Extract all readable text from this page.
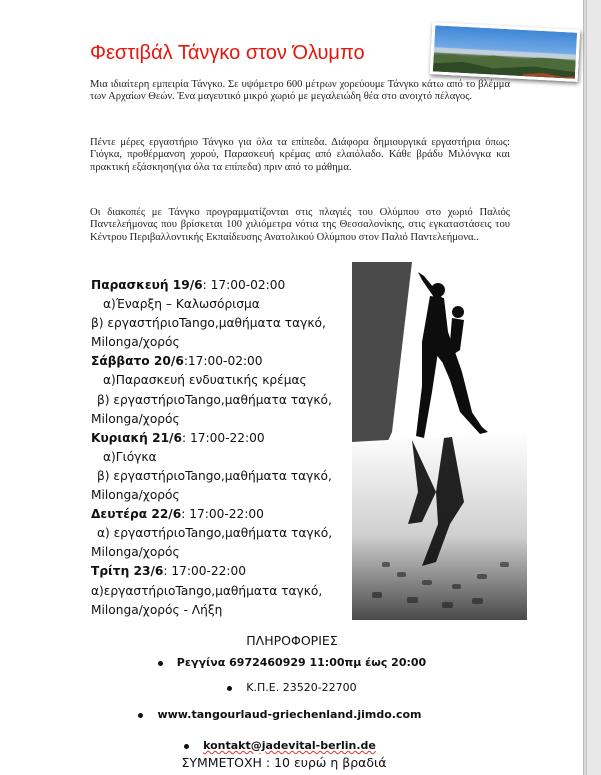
Φεστιβάλ Τάνγκο στον Όλυμπο
Μια ιδιαίτερη εμπειρία Τάνγκο. Σε υψόμετρο 600 μέτρων χορεύουμε Τάνγκο κάτω από το βλέμμα των Αρχαίων Θεών. Ένα μαγευτικό μικρό χωριό με μεγαλειώδη θέα στο ανοιχτό πέλαγος.
Πέντε μέρες εργαστήριο Τάνγκο για όλα τα επίπεδα. Διάφορα δημιουργικά εργαστήρια όπως: Γιόγκα, προθέρμανση χορού, Παρασκευή κρέμας από ελαιόλαδο. Κάθε βράδυ Μιλόνγκα και πρακτική εξάσκηση(για όλα τα επίπεδα) πριν από το μάθημα.
Οι διακοπές με Τάνγκο προγραμματίζονται στις πλαγιές του Ολύμπου στο χωριό Παλιός Παντελεήμονας που βρίσκεται 100 χιλιόμετρα νότια της Θεσσαλονίκης, στις εγκαταστάσεις του Κέντρου Περιβαλλοντικής Εκπαίδευσης Ανατολικού Ολύμπου στον Παλιό Παντελεήμονα..
Παρασκευή 19/6: 17:00-02:00
α)Έναρξη – Καλωσόρισμα
β) εργαστήριοTango,μαθήματα ταγκό,
Milonga/χορός
Σάββατο 20/6:17:00-02:00
α)Παρασκευή ενδυατικής κρέμας
β) εργαστήριοTango,μαθήματα ταγκό,
Milonga/χορός
Κυριακή 21/6: 17:00-22:00
α)Γιόγκα
β) εργαστήριοTango,μαθήματα ταγκό,
Milonga/χορός
Δευτέρα 22/6: 17:00-22:00
α) εργαστήριοTango,μαθήματα ταγκό,
Milonga/χορός
Τρίτη 23/6: 17:00-22:00
α)εργαστήριοTango,μαθήματα ταγκό,
Milonga/χορός - Λήξη
ΠΛΗΡΟΦΟΡΙΕΣ
Ρεγγίνα 6972460929 11:00πμ έως 20:00
Κ.Π.Ε. 23520-22700
www.tangourlaud-griechenland.jimdo.com
kontakt@jadevital-berlin.de
ΣΥΜΜΕΤΟΧΗ : 10 ευρώ η βραδιά
